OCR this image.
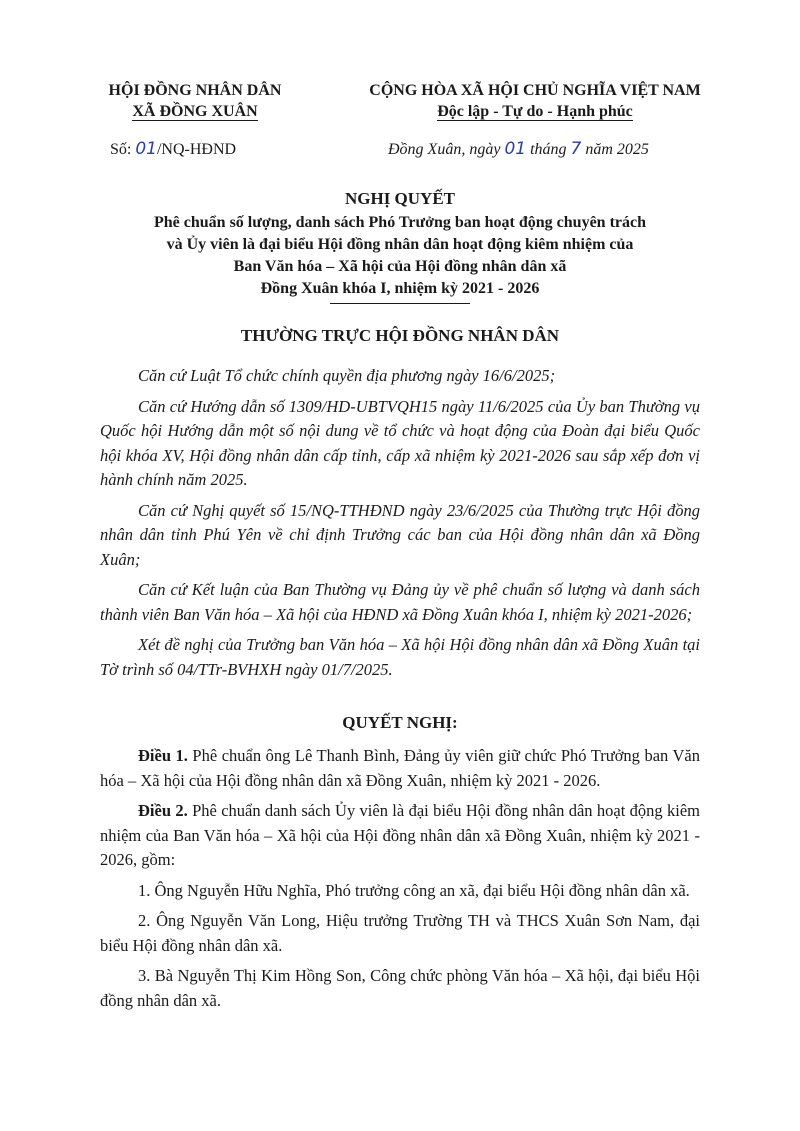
HỘI ĐỒNG NHÂN DÂN
XÃ ĐỒNG XUÂN
Số: 01/NQ-HĐND
CỘNG HÒA XÃ HỘI CHỦ NGHĨA VIỆT NAM
Độc lập - Tự do - Hạnh phúc
Đồng Xuân, ngày 01 tháng 7 năm 2025
NGHỊ QUYẾT
Phê chuẩn số lượng, danh sách Phó Trưởng ban hoạt động chuyên trách
và Ủy viên là đại biểu Hội đồng nhân dân hoạt động kiêm nhiệm của
Ban Văn hóa – Xã hội của Hội đồng nhân dân xã
Đồng Xuân khóa I, nhiệm kỳ 2021 - 2026
THƯỜNG TRỰC HỘI ĐỒNG NHÂN DÂN

Căn cứ Luật Tổ chức chính quyền địa phương ngày 16/6/2025;

Căn cứ Hướng dẫn số 1309/HD-UBTVQH15 ngày 11/6/2025 của Ủy ban Thường vụ Quốc hội Hướng dẫn một số nội dung về tổ chức và hoạt động của Đoàn đại biểu Quốc hội khóa XV, Hội đồng nhân dân cấp tỉnh, cấp xã nhiệm kỳ 2021-2026 sau sắp xếp đơn vị hành chính năm 2025.

Căn cứ Nghị quyết số 15/NQ-TTHĐND ngày 23/6/2025 của Thường trực Hội đồng nhân dân tỉnh Phú Yên về chỉ định Trưởng các ban của Hội đồng nhân dân xã Đồng Xuân;

Căn cứ Kết luận của Ban Thường vụ Đảng ủy về phê chuẩn số lượng và danh sách thành viên Ban Văn hóa – Xã hội của HĐND xã Đồng Xuân khóa I, nhiệm kỳ 2021-2026;

Xét đề nghị của Trưởng ban Văn hóa – Xã hội Hội đồng nhân dân xã Đồng Xuân tại Tờ trình số 04/TTr-BVHXH ngày 01/7/2025.

QUYẾT NGHỊ:

Điều 1. Phê chuẩn ông Lê Thanh Bình, Đảng ủy viên giữ chức Phó Trưởng ban Văn hóa – Xã hội của Hội đồng nhân dân xã Đồng Xuân, nhiệm kỳ 2021 - 2026.

Điều 2. Phê chuẩn danh sách Ủy viên là đại biểu Hội đồng nhân dân hoạt động kiêm nhiệm của Ban Văn hóa – Xã hội của Hội đồng nhân dân xã Đồng Xuân, nhiệm kỳ 2021 - 2026, gồm:

1. Ông Nguyễn Hữu Nghĩa, Phó trưởng công an xã, đại biểu Hội đồng nhân dân xã.

2. Ông Nguyễn Văn Long, Hiệu trưởng Trường TH và THCS Xuân Sơn Nam, đại biểu Hội đồng nhân dân xã.

3. Bà Nguyễn Thị Kim Hồng Son, Công chức phòng Văn hóa – Xã hội, đại biểu Hội đồng nhân dân xã.
